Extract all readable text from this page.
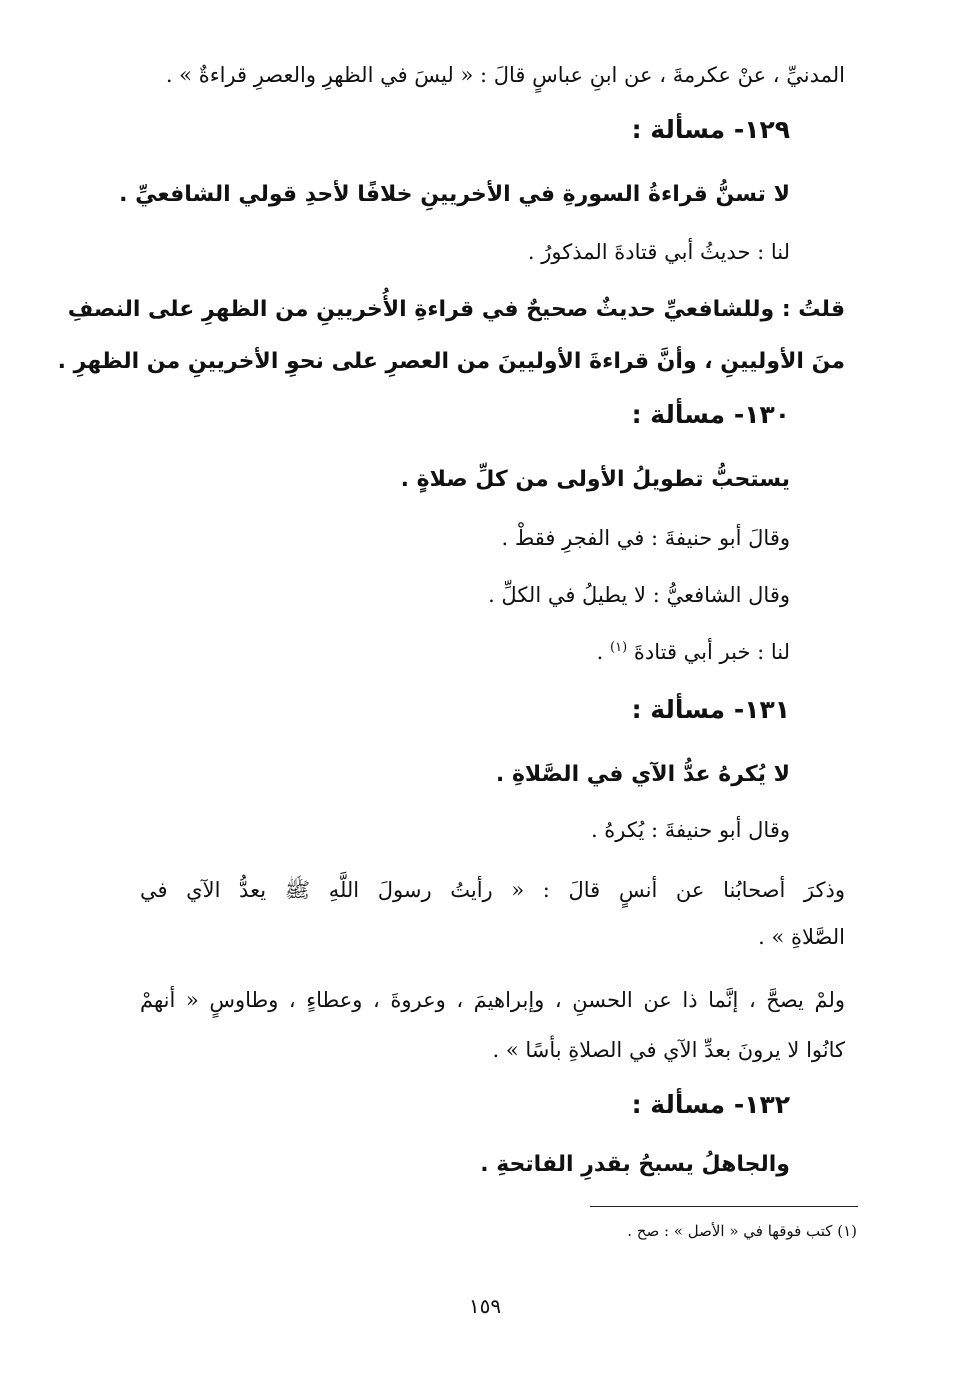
المدنيِّ ، عنْ عكرمةَ ، عن ابنِ عباسٍ قالَ : « ليسَ في الظهرِ والعصرِ قراءةٌ » .
١٢٩- مسألة :
لا تسنُّ قراءةُ السورةِ في الأخريينِ خلافًا لأحدِ قولي الشافعيِّ .
لنا : حديثُ أبي قتادةَ المذكورُ .
قلتُ : وللشافعيِّ حديثٌ صحيحٌ في قراءةِ الأُخريينِ من الظهرِ على النصفِ
منَ الأوليينِ ، وأنَّ قراءةَ الأوليينَ من العصرِ على نحوِ الأخريينِ من الظهرِ .
١٣٠- مسألة :
يستحبُّ تطويلُ الأولى من كلِّ صلاةٍ .
وقالَ أبو حنيفةَ : في الفجرِ فقطْ .
وقال الشافعيُّ : لا يطيلُ في الكلِّ .
لنا : خبر أبي قتادةَ $^{(١)}$ .
١٣١- مسألة :
لا يُكرهُ عدُّ الآي في الصَّلاةِ .
وقال أبو حنيفةَ : يُكرهُ .
وذكرَ أصحابُنا عن أنسٍ قالَ : « رأيتُ رسولَ اللَّهِ ﷺ يعدُّ الآي في
الصَّلاةِ » .
ولمْ يصحَّ ، إنَّما ذا عن الحسنِ ، وإبراهيمَ ، وعروةَ ، وعطاءٍ ، وطاوسٍ « أنهمْ
كانُوا لا يرونَ بعدِّ الآي في الصلاةِ بأسًا » .
١٣٢- مسألة :
والجاهلُ يسبحُ بقدرِ الفاتحةِ .
(١) كتب فوقها في « الأصل » : صح .
١٥٩
